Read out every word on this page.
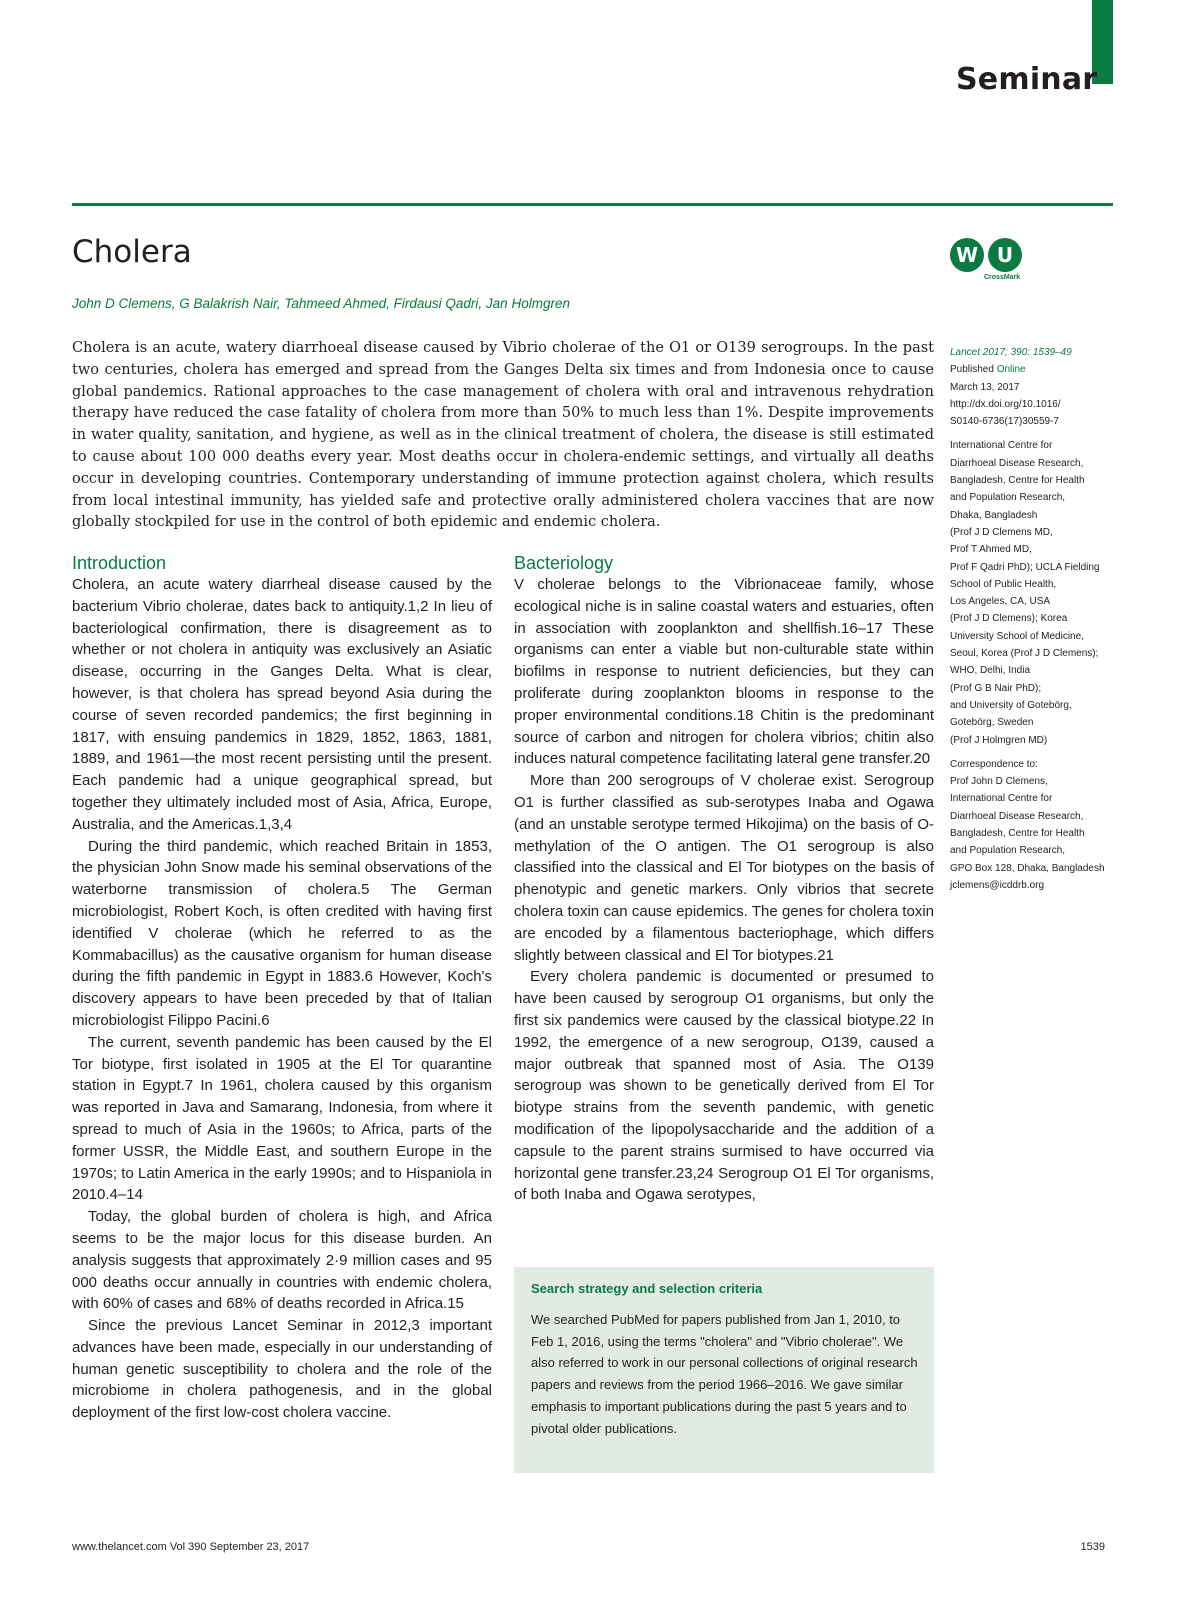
Seminar
Cholera	W U
CrossMark
John D Clemens, G Balakrish Nair, Tahmeed Ahmed, Firdausi Qadri, Jan Holmgren

Cholera is an acute, watery diarrhoeal disease caused by Vibrio cholerae of the O1 or O139 serogroups. In the past two centuries, cholera has emerged and spread from the Ganges Delta six times and from Indonesia once to cause global pandemics. Rational approaches to the case management of cholera with oral and intravenous rehydration therapy have reduced the case fatality of cholera from more than 50% to much less than 1%. Despite improvements in water quality, sanitation, and hygiene, as well as in the clinical treatment of cholera, the disease is still estimated to cause about 100 000 deaths every year. Most deaths occur in cholera-endemic settings, and virtually all deaths occur in developing countries. Contemporary understanding of immune protection against cholera, which results from local intestinal immunity, has yielded safe and protective orally administered cholera vaccines that are now globally stockpiled for use in the control of both epidemic and endemic cholera.

Introduction

Cholera, an acute watery diarrheal disease caused by the bacterium Vibrio cholerae, dates back to antiquity.1,2 In lieu of bacteriological confirmation, there is disagreement as to whether or not cholera in antiquity was exclusively an Asiatic disease, occurring in the Ganges Delta. What is clear, however, is that cholera has spread beyond Asia during the course of seven recorded pandemics; the first beginning in 1817, with ensuing pandemics in 1829, 1852, 1863, 1881, 1889, and 1961—the most recent persisting until the present. Each pandemic had a unique geographical spread, but together they ultimately included most of Asia, Africa, Europe, Australia, and the Americas.1,3,4

During the third pandemic, which reached Britain in 1853, the physician John Snow made his seminal observations of the waterborne transmission of cholera.5 The German microbiologist, Robert Koch, is often credited with having first identified V cholerae (which he referred to as the Kommabacillus) as the causative organism for human disease during the fifth pandemic in Egypt in 1883.6 However, Koch's discovery appears to have been preceded by that of Italian microbiologist Filippo Pacini.6

The current, seventh pandemic has been caused by the El Tor biotype, first isolated in 1905 at the El Tor quarantine station in Egypt.7 In 1961, cholera caused by this organism was reported in Java and Samarang, Indonesia, from where it spread to much of Asia in the 1960s; to Africa, parts of the former USSR, the Middle East, and southern Europe in the 1970s; to Latin America in the early 1990s; and to Hispaniola in 2010.4–14

Today, the global burden of cholera is high, and Africa seems to be the major locus for this disease burden. An analysis suggests that approximately 2·9 million cases and 95 000 deaths occur annually in countries with endemic cholera, with 60% of cases and 68% of deaths recorded in Africa.15

Since the previous Lancet Seminar in 2012,3 important advances have been made, especially in our understanding of human genetic susceptibility to cholera and the role of the microbiome in cholera pathogenesis, and in the global deployment of the first low-cost cholera vaccine.

Bacteriology

V cholerae belongs to the Vibrionaceae family, whose ecological niche is in saline coastal waters and estuaries, often in association with zooplankton and shellfish.16–17 These organisms can enter a viable but non-culturable state within biofilms in response to nutrient deficiencies, but they can proliferate during zooplankton blooms in response to the proper environmental conditions.18 Chitin is the predominant source of carbon and nitrogen for cholera vibrios; chitin also induces natural competence facilitating lateral gene transfer.20

More than 200 serogroups of V cholerae exist. Serogroup O1 is further classified as sub-serotypes Inaba and Ogawa (and an unstable serotype termed Hikojima) on the basis of O-methylation of the O antigen. The O1 serogroup is also classified into the classical and El Tor biotypes on the basis of phenotypic and genetic markers. Only vibrios that secrete cholera toxin can cause epidemics. The genes for cholera toxin are encoded by a filamentous bacteriophage, which differs slightly between classical and El Tor biotypes.21

Every cholera pandemic is documented or presumed to have been caused by serogroup O1 organisms, but only the first six pandemics were caused by the classical biotype.22 In 1992, the emergence of a new serogroup, O139, caused a major outbreak that spanned most of Asia. The O139 serogroup was shown to be genetically derived from El Tor biotype strains from the seventh pandemic, with genetic modification of the lipopolysaccharide and the addition of a capsule to the parent strains surmised to have occurred via horizontal gene transfer.23,24 Serogroup O1 El Tor organisms, of both Inaba and Ogawa serotypes,

Search strategy and selection criteria

We searched PubMed for papers published from Jan 1, 2010, to Feb 1, 2016, using the terms "cholera" and "Vibrio cholerae". We also referred to work in our personal collections of original research papers and reviews from the period 1966–2016. We gave similar emphasis to important publications during the past 5 years and to pivotal older publications.

Lancet 2017; 390: 1539–49
Published Online
March 13, 2017
http://dx.doi.org/10.1016/
S0140-6736(17)30559-7
International Centre for
Diarrhoeal Disease Research,
Bangladesh, Centre for Health
and Population Research,
Dhaka, Bangladesh
(Prof J D Clemens MD,
Prof T Ahmed MD,
Prof F Qadri PhD); UCLA Fielding
School of Public Health,
Los Angeles, CA, USA
(Prof J D Clemens); Korea
University School of Medicine,
Seoul, Korea (Prof J D Clemens);
WHO, Delhi, India
(Prof G B Nair PhD);
and University of Gotebörg,
Gotebörg, Sweden
(Prof J Holmgren MD)
Correspondence to:
Prof John D Clemens,
International Centre for
Diarrhoeal Disease Research,
Bangladesh, Centre for Health
and Population Research,
GPO Box 128, Dhaka, Bangladesh
jclemens@icddrb.org
www.thelancet.com Vol 390 September 23, 2017	1539
